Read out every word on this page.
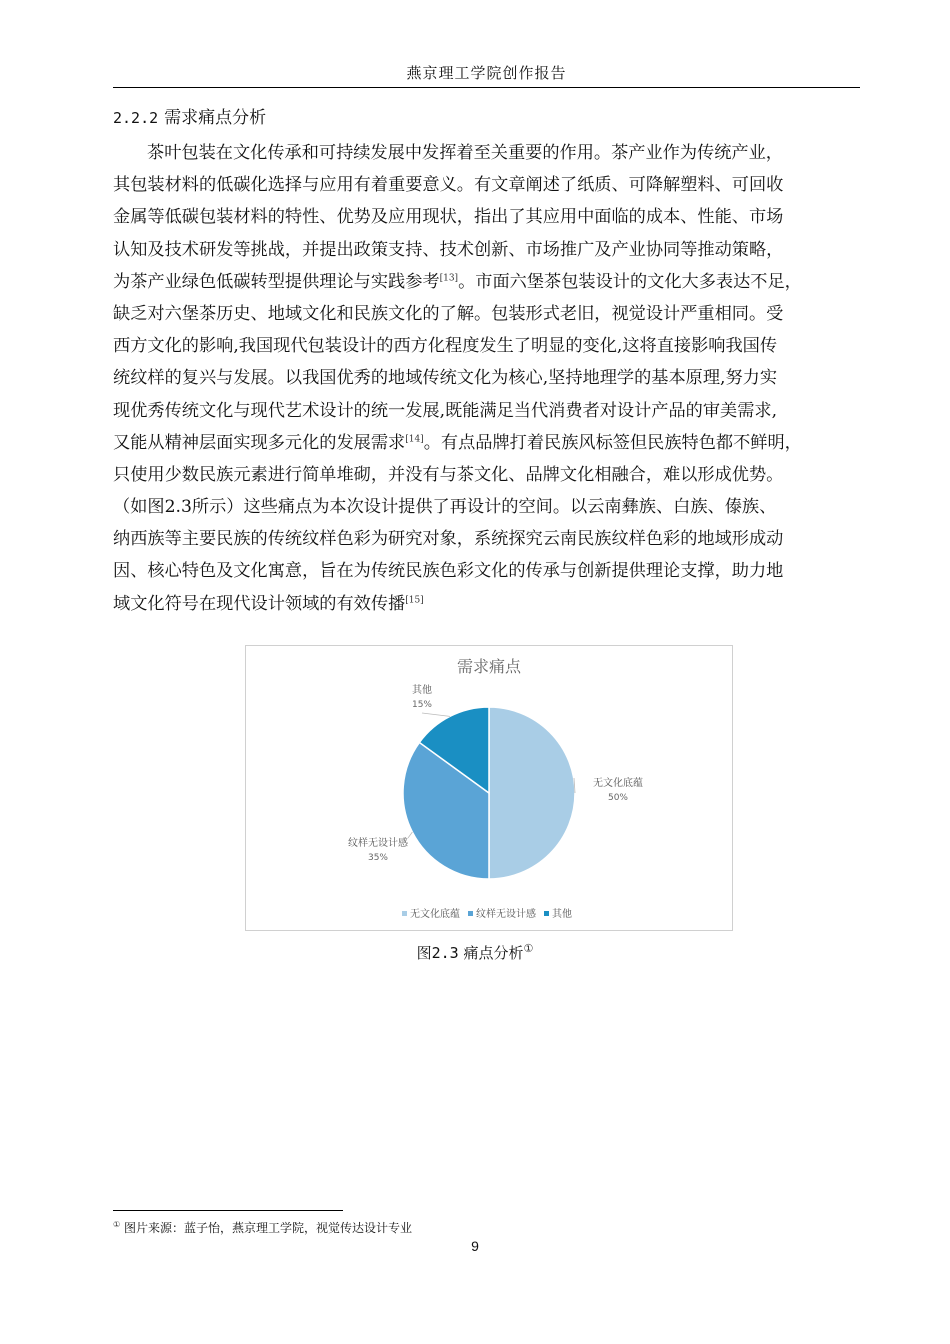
燕京理工学院创作报告
2.2.2 需求痛点分析
茶叶包装在文化传承和可持续发展中发挥着至关重要的作用。茶产业作为传统产业，
其包装材料的低碳化选择与应用有着重要意义。有文章阐述了纸质、可降解塑料、可回收
金属等低碳包装材料的特性、优势及应用现状，指出了其应用中面临的成本、性能、市场
认知及技术研发等挑战，并提出政策支持、技术创新、市场推广及产业协同等推动策略，
为茶产业绿色低碳转型提供理论与实践参考[13]。市面六堡茶包装设计的文化大多表达不足，
缺乏对六堡茶历史、地域文化和民族文化的了解。包装形式老旧，视觉设计严重相同。受
西方文化的影响,我国现代包装设计的西方化程度发生了明显的变化,这将直接影响我国传
统纹样的复兴与发展。以我国优秀的地域传统文化为核心,坚持地理学的基本原理,努力实
现优秀传统文化与现代艺术设计的统一发展,既能满足当代消费者对设计产品的审美需求,
又能从精神层面实现多元化的发展需求[14]。有点品牌打着民族风标签但民族特色都不鲜明，
只使用少数民族元素进行简单堆砌，并没有与茶文化、品牌文化相融合，难以形成优势。
（如图2.3所示）这些痛点为本次设计提供了再设计的空间。以云南彝族、白族、傣族、
纳西族等主要民族的传统纹样色彩为研究对象，系统探究云南民族纹样色彩的地域形成动
因、核心特色及文化寓意，旨在为传统民族色彩文化的传承与创新提供理论支撑，助力地
域文化符号在现代设计领域的有效传播[15]
需求痛点
无文化底蕴
50%
纹样无设计感
35%
其他
15%
无文化底蕴 纹样无设计感 其他
图2.3 痛点分析①
① 图片来源：蓝子怡，燕京理工学院，视觉传达设计专业
9
